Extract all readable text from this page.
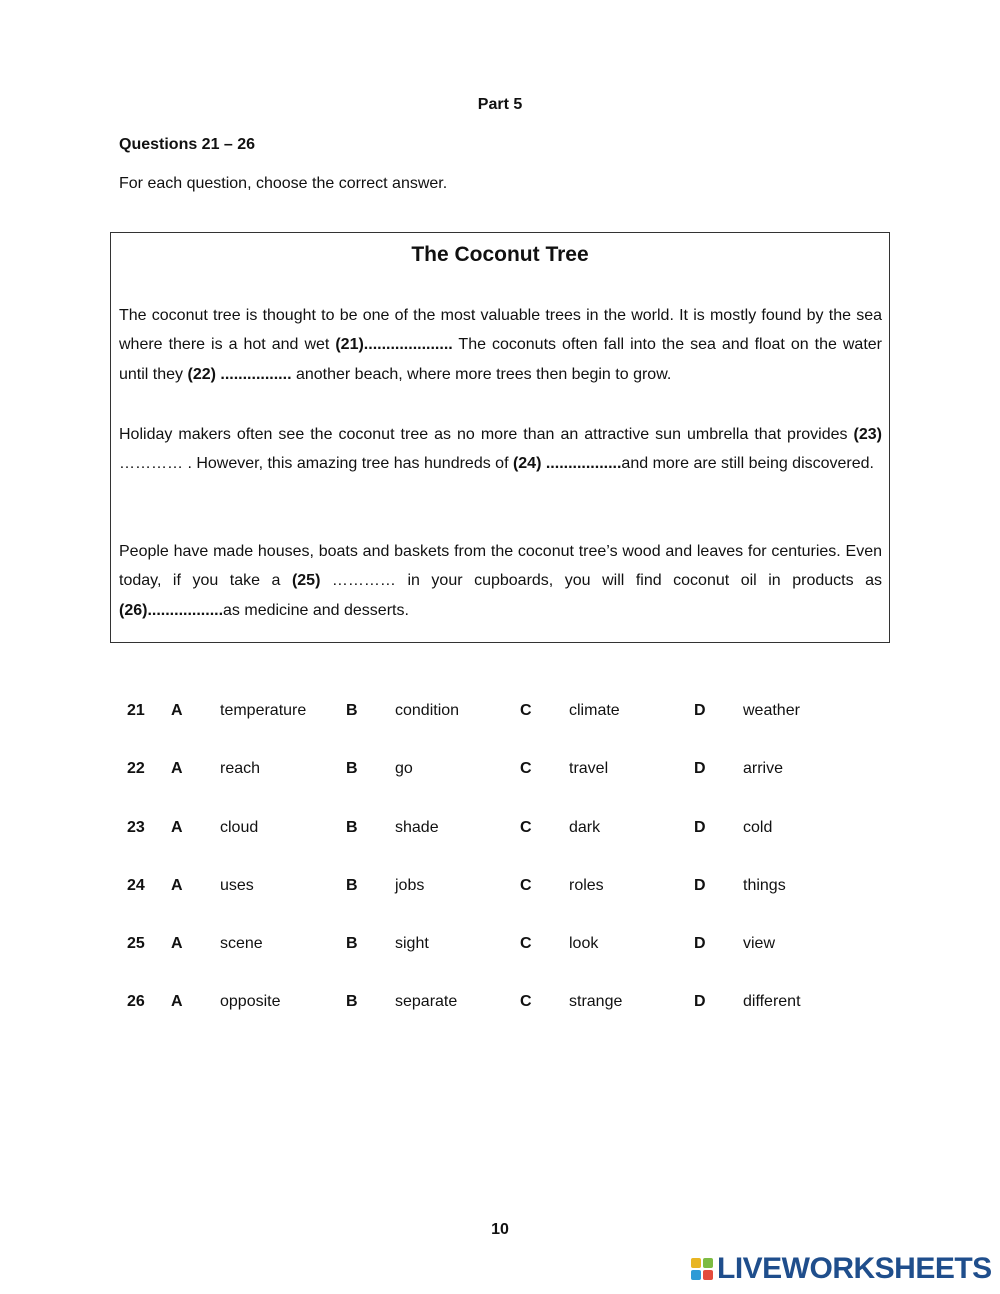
Part 5
Questions 21 – 26
For each question, choose the correct answer.
The Coconut Tree

The coconut tree is thought to be one of the most valuable trees in the world. It is mostly found by the sea where there is a hot and wet (21).................... The coconuts often fall into the sea and float on the water until they (22) ................ another beach, where more trees then begin to grow.

Holiday makers often see the coconut tree as no more than an attractive sun umbrella that provides (23) ………… . However, this amazing tree has hundreds of (24) .................and more are still being discovered.

People have made houses, boats and baskets from the coconut tree’s wood and leaves for centuries. Even today, if you take a (25) ………… in your cupboards, you will find coconut oil in products as (26).................as medicine and desserts.

21 A temperature B condition	C climate	D weather
22 A reach	B go	C travel	D arrive
23 A cloud	B shade	C dark	D cold
24 A uses	B jobs	C roles	D things
25 A scene	B sight	C look	D view
26 A opposite	B separate	C strange	D different
10
LIVEWORKSHEETS
